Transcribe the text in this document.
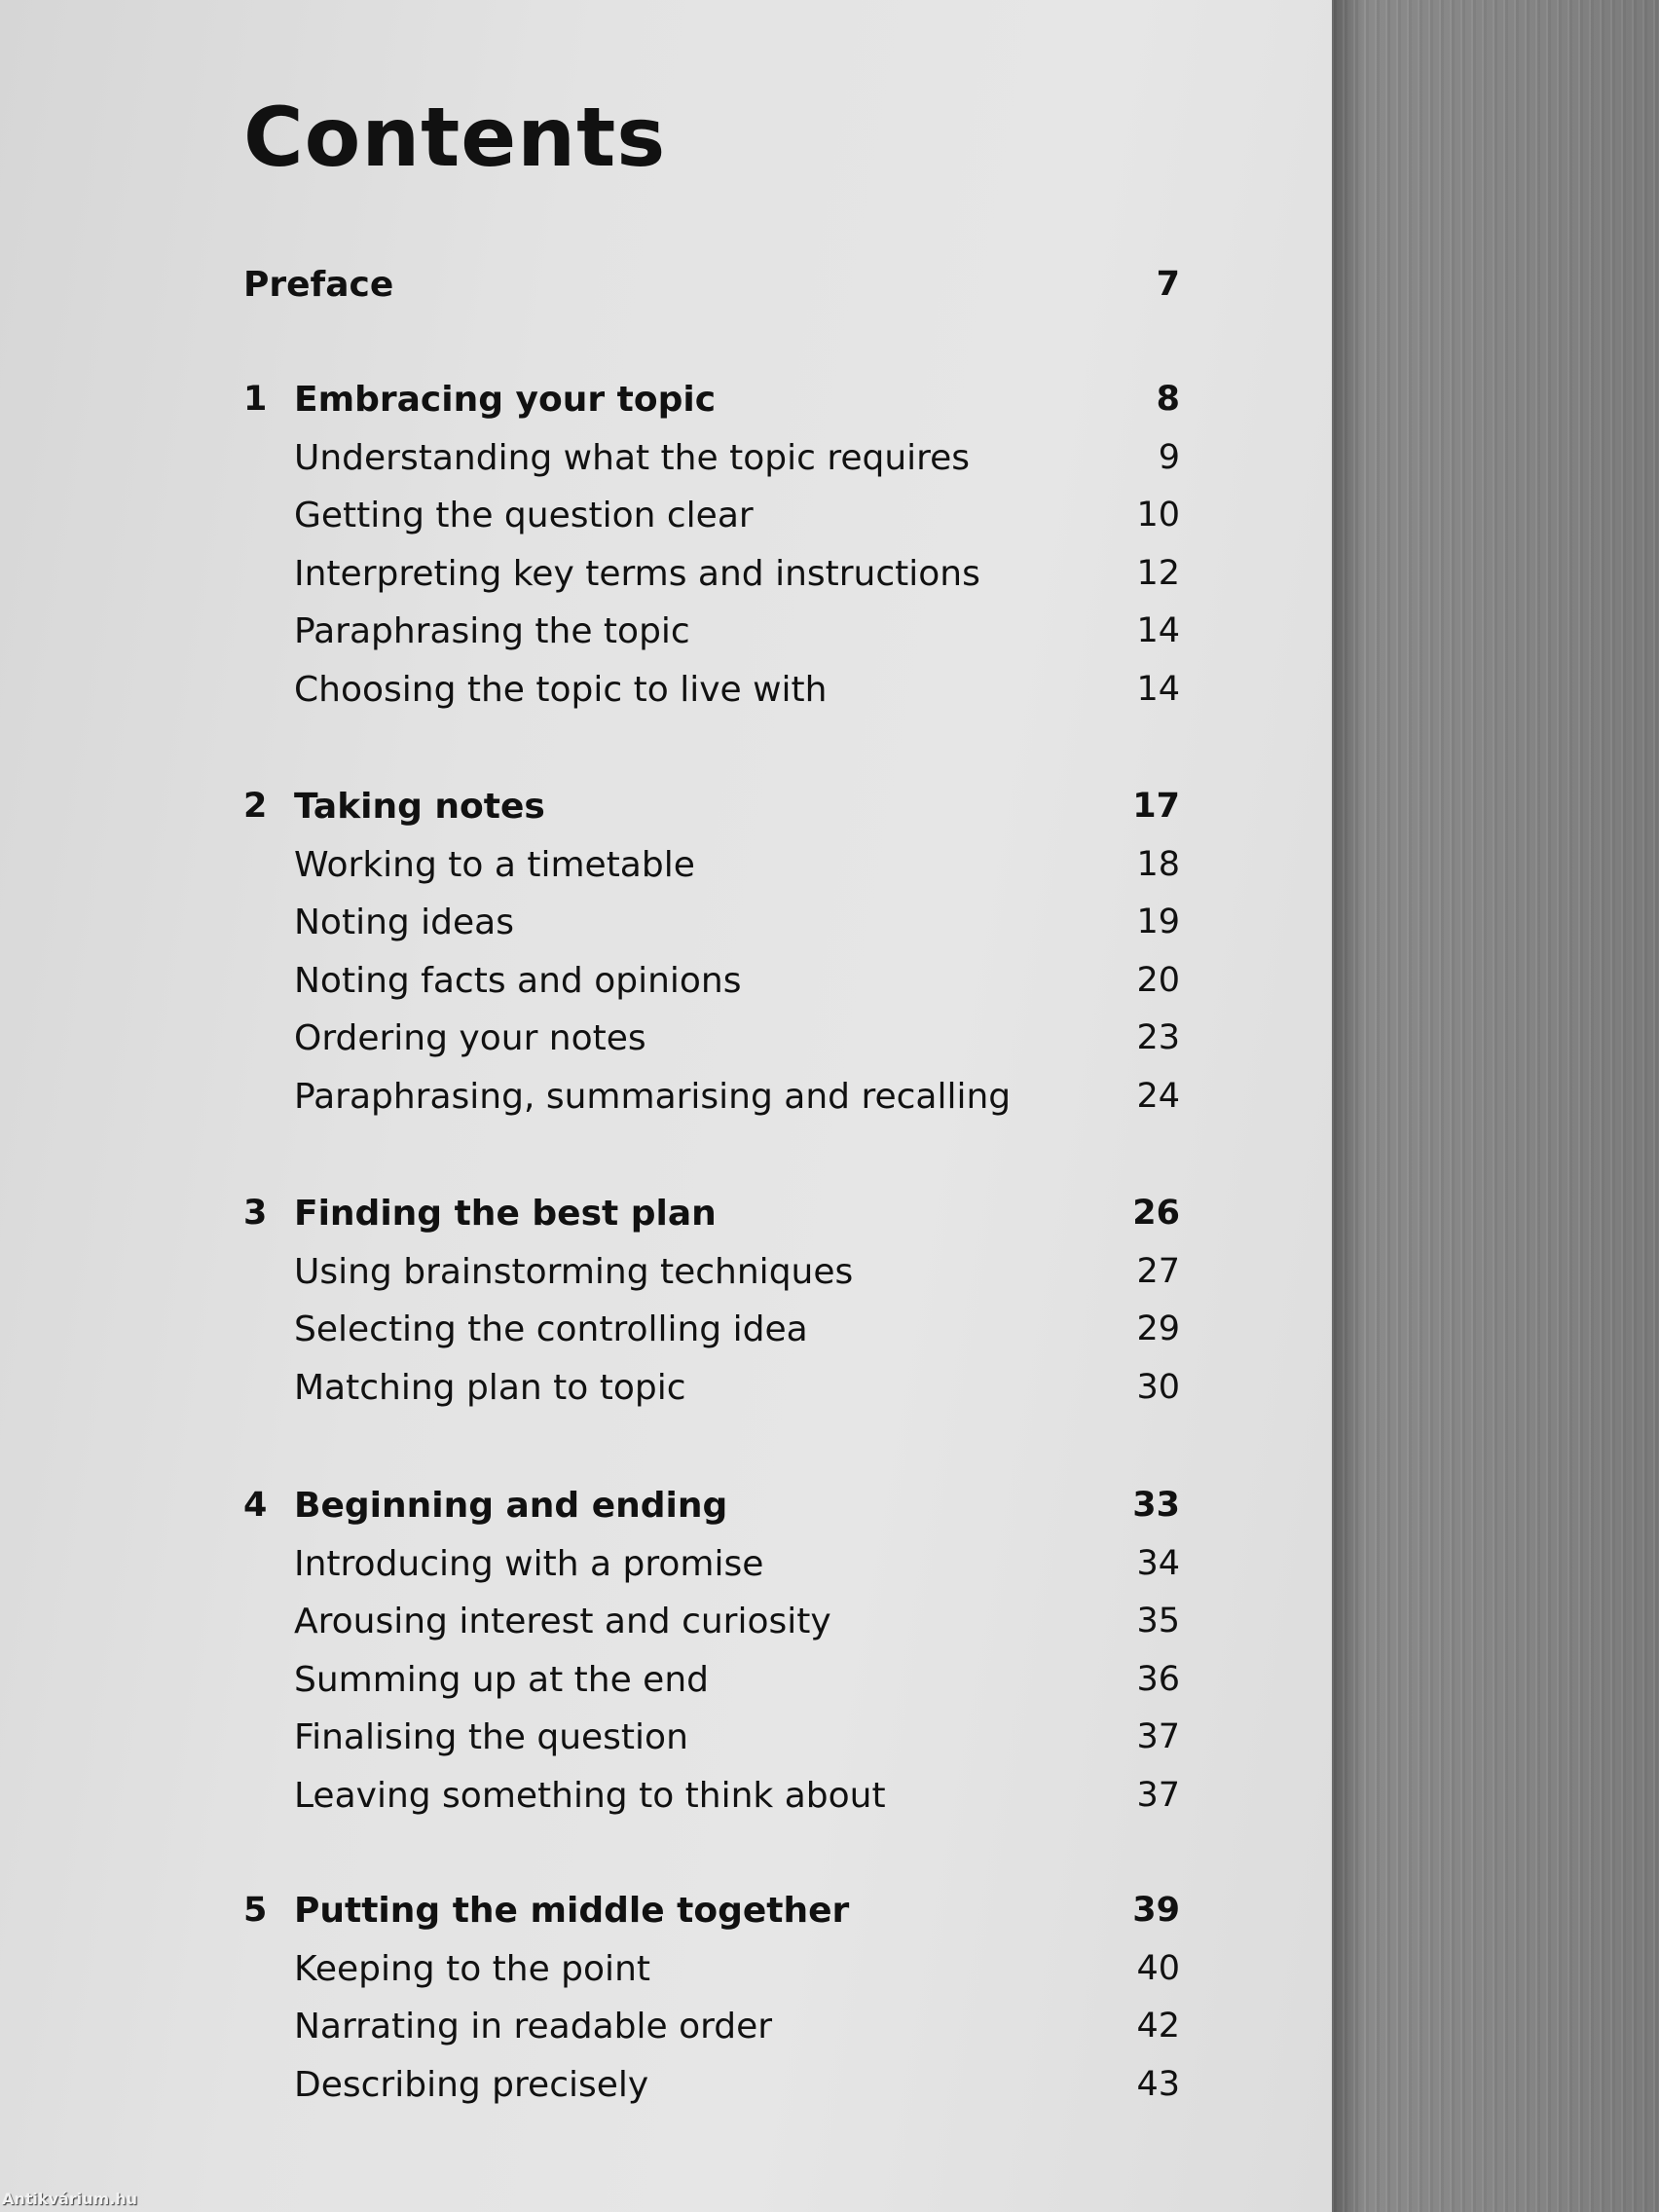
Contents
Preface	7
1 Embracing your topic	8
Understanding what the topic requires	9
Getting the question clear	10
Interpreting key terms and instructions	12
Paraphrasing the topic	14
Choosing the topic to live with	14
2 Taking notes	17
Working to a timetable	18
Noting ideas	19
Noting facts and opinions	20
Ordering your notes	23
Paraphrasing, summarising and recalling	24
3 Finding the best plan	26
Using brainstorming techniques	27
Selecting the controlling idea	29
Matching plan to topic	30
4 Beginning and ending	33
Introducing with a promise	34
Arousing interest and curiosity	35
Summing up at the end	36
Finalising the question	37
Leaving something to think about	37
5 Putting the middle together	39
Keeping to the point	40
Narrating in readable order	42
Describing precisely	43
Antikvárium.hu
